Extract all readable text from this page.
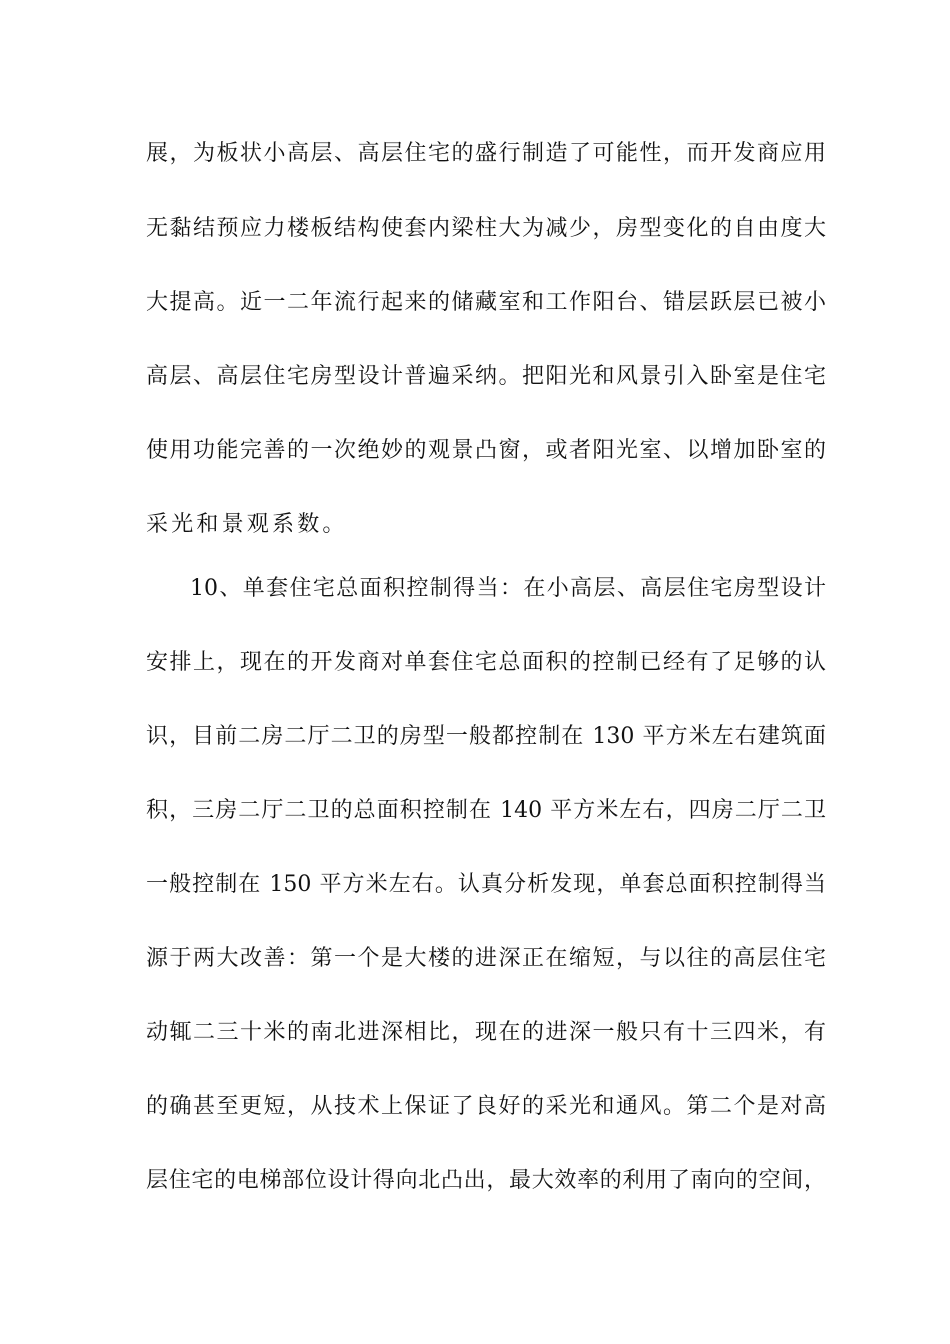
展，为板状小高层、高层住宅的盛行制造了可能性，而开发商应用
无黏结预应力楼板结构使套内梁柱大为减少，房型变化的自由度大
大提高。近一二年流行起来的储藏室和工作阳台、错层跃层已被小
高层、高层住宅房型设计普遍采纳。把阳光和风景引入卧室是住宅
使用功能完善的一次绝妙的观景凸窗，或者阳光室、以增加卧室的
采光和景观系数。
10、单套住宅总面积控制得当：在小高层、高层住宅房型设计
安排上，现在的开发商对单套住宅总面积的控制已经有了足够的认
识，目前二房二厅二卫的房型一般都控制在 130 平方米左右建筑面
积，三房二厅二卫的总面积控制在 140 平方米左右，四房二厅二卫
一般控制在 150 平方米左右。认真分析发现，单套总面积控制得当
源于两大改善：第一个是大楼的进深正在缩短，与以往的高层住宅
动辄二三十米的南北进深相比，现在的进深一般只有十三四米，有
的确甚至更短，从技术上保证了良好的采光和通风。第二个是对高
层住宅的电梯部位设计得向北凸出，最大效率的利用了南向的空间，
